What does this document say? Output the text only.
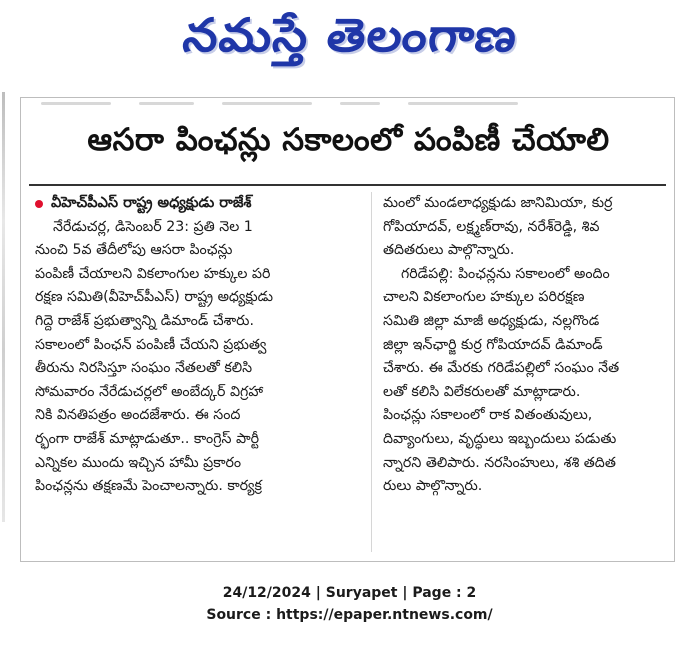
నమస్తే తెలంగాణ
ఆసరా పింఛన్లు సకాలంలో పంపిణీ చేయాలి
వీహెచ్‌పీఎస్ రాష్ట్ర అధ్యక్షుడు రాజేశ్
నేరేడుచర్ల, డిసెంబర్ 23: ప్రతి నెల 1
నుంచి 5వ తేదీలోపు ఆసరా పింఛన్లు
పంపిణీ చేయాలని వికలాంగుల హక్కుల పరి
రక్షణ సమితి(వీహెచ్‌పీఎస్) రాష్ట్ర అధ్యక్షుడు
గిద్దె రాజేశ్ ప్రభుత్వాన్ని డిమాండ్ చేశారు.
సకాలంలో పింఛన్ పంపిణీ చేయని ప్రభుత్వ
తీరును నిరసిస్తూ సంఘం నేతలతో కలిసి
సోమవారం నేరేడుచర్లలో అంబేద్కర్ విగ్రహా
నికి వినతిపత్రం అందజేశారు. ఈ సంద
ర్భంగా రాజేశ్ మాట్లాడుతూ.. కాంగ్రెస్ పార్టీ
ఎన్నికల ముందు ఇచ్చిన హామీ ప్రకారం
పింఛన్లను తక్షణమే పెంచాలన్నారు. కార్యక్ర
మంలో మండలాధ్యక్షుడు జానిమియా, కుర్ర
గోపియాదవ్, లక్ష్మణ్‌రావు, నరేశ్‌రెడ్డి, శివ
తదితరులు పాల్గొన్నారు.
గరిడేపల్లి: పింఛన్లను సకాలంలో అందిం
చాలని వికలాంగుల హక్కుల పరిరక్షణ
సమితి జిల్లా మాజీ అధ్యక్షుడు, నల్లగొండ
జిల్లా ఇన్‌ఛార్జి కుర్ర గోపియాదవ్ డిమాండ్
చేశారు. ఈ మేరకు గరిడేపల్లిలో సంఘం నేత
లతో కలిసి విలేకరులతో మాట్లాడారు.
పింఛన్లు సకాలంలో రాక వితంతువులు,
దివ్యాంగులు, వృద్ధులు ఇబ్బందులు పడుతు
న్నారని తెలిపారు. నరసింహులు, శశి తదిత
రులు పాల్గొన్నారు.
24/12/2024 | Suryapet | Page : 2
Source : https://epaper.ntnews.com/
